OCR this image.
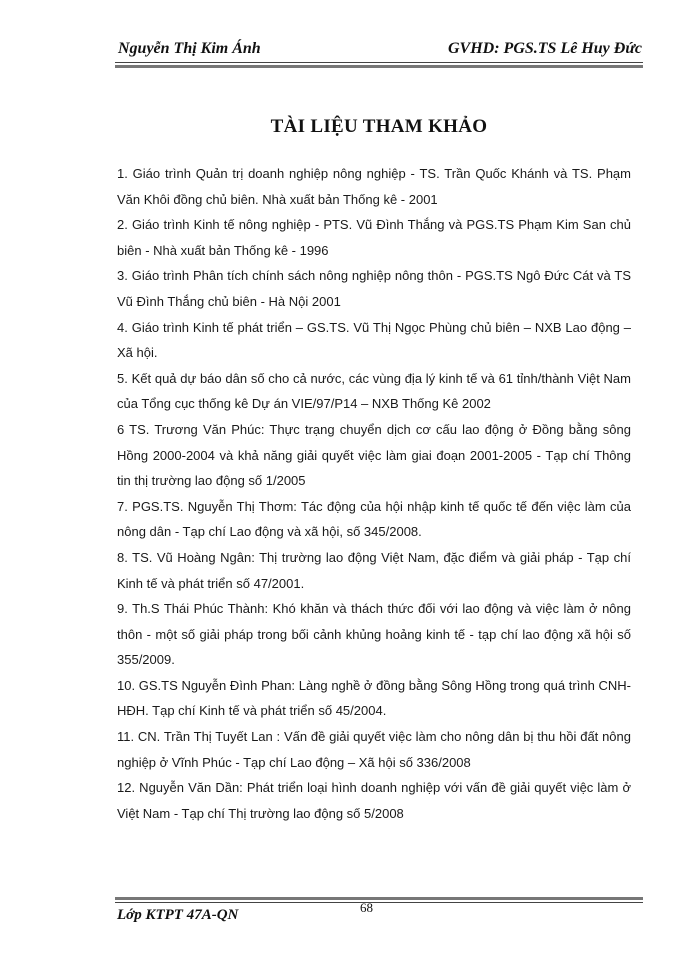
Nguyễn Thị Kim Ánh	GVHD: PGS.TS Lê Huy Đức
TÀI LIỆU THAM KHẢO

1. Giáo trình Quản trị doanh nghiệp nông nghiệp - TS. Trần Quốc Khánh và TS. Phạm Văn Khôi đồng chủ biên. Nhà xuất bản Thống kê - 2001

2. Giáo trình Kinh tế nông nghiệp - PTS. Vũ Đình Thắng và PGS.TS Phạm Kim San chủ biên - Nhà xuất bản Thống kê - 1996

3. Giáo trình Phân tích chính sách nông nghiệp nông thôn - PGS.TS Ngô Đức Cát và TS Vũ Đình Thắng chủ biên - Hà Nội 2001

4. Giáo trình Kinh tế phát triển – GS.TS. Vũ Thị Ngọc Phùng chủ biên – NXB Lao động – Xã hội.

5. Kết quả dự báo dân số cho cả nước, các vùng địa lý kinh tế và 61 tỉnh/thành Việt Nam của Tổng cục thống kê Dự án VIE/97/P14 – NXB Thống Kê 2002

6 TS. Trương Văn Phúc: Thực trạng chuyển dịch cơ cấu lao động ở Đồng bằng sông Hồng 2000-2004 và khả năng giải quyết việc làm giai đoạn 2001-2005 - Tạp chí Thông tin thị trường lao động số 1/2005

7. PGS.TS. Nguyễn Thị Thơm: Tác động của hội nhập kinh tế quốc tế đến việc làm của nông dân - Tạp chí Lao động và xã hội, số 345/2008.

8. TS. Vũ Hoàng Ngân: Thị trường lao động Việt Nam, đặc điểm và giải pháp - Tạp chí Kinh tế và phát triển số 47/2001.

9. Th.S Thái Phúc Thành: Khó khăn và thách thức đối với lao động và việc làm ở nông thôn - một số giải pháp trong bối cảnh khủng hoảng kinh tế - tạp chí lao động xã hội số 355/2009.

10. GS.TS Nguyễn Đình Phan: Làng nghề ở đồng bằng Sông Hồng trong quá trình CNH-HĐH. Tạp chí Kinh tế và phát triển số 45/2004.

11. CN. Trần Thị Tuyết Lan : Vấn đề giải quyết việc làm cho nông dân bị thu hồi đất nông nghiệp ở Vĩnh Phúc - Tạp chí Lao động – Xã hội số 336/2008

12. Nguyễn Văn Dần: Phát triển loại hình doanh nghiệp với vấn đề giải quyết việc làm ở Việt Nam - Tạp chí Thị trường lao động số 5/2008

Lớp KTPT 47A-QN	68
